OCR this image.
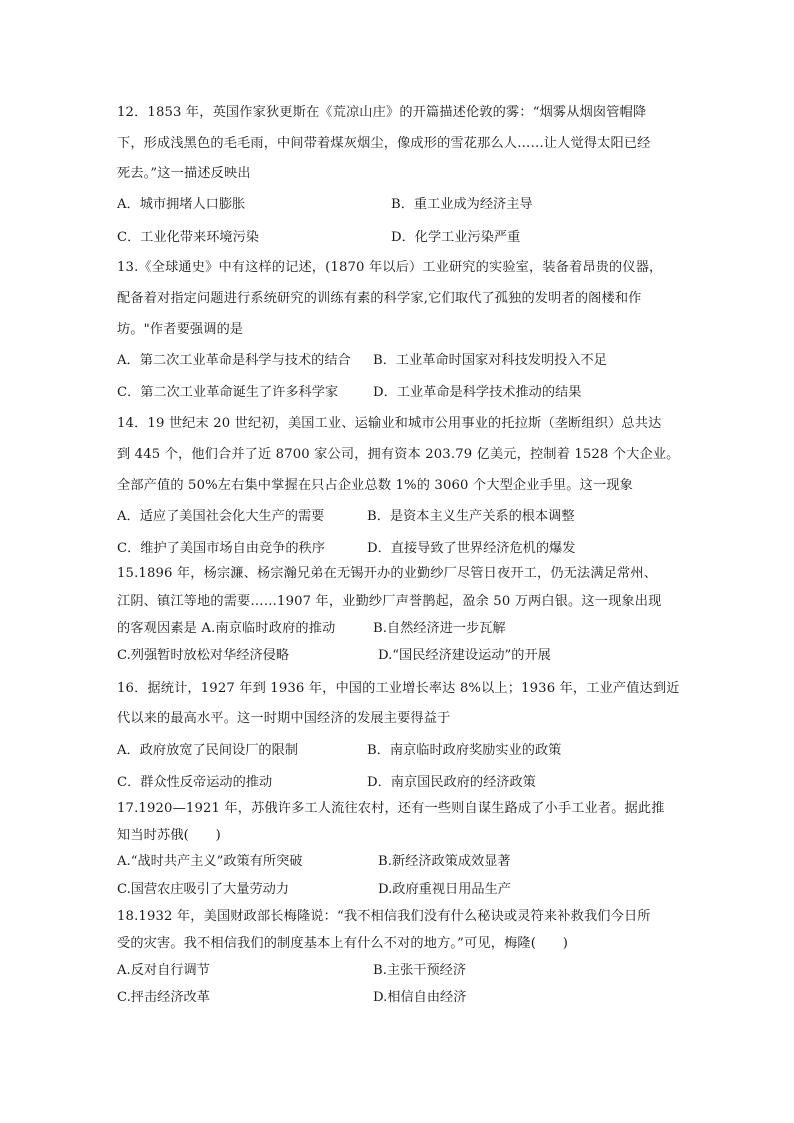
12．1853 年，英国作家狄更斯在《荒凉山庄》的开篇描述伦敦的雾：“烟雾从烟囱管帽降
下，形成浅黑色的毛毛雨，中间带着煤灰烟尘，像成形的雪花那么人……让人觉得太阳已经
死去。”这一描述反映出
A．城市拥堵人口膨胀	B．重工业成为经济主导
C．工业化带来环境污染	D．化学工业污染严重
13.《全球通史》中有这样的记述，(1870 年以后）工业研究的实验室，装备着昂贵的仪器，
配备着对指定问题进行系统研究的训练有素的科学家,它们取代了孤独的发明者的阁楼和作
坊。"作者要强调的是
A．第二次工业革命是科学与技术的结合 B．工业革命时国家对科技发明投入不足
C．第二次工业革命诞生了许多科学家	D．工业革命是科学技术推动的结果
14．19 世纪末 20 世纪初，美国工业、运输业和城市公用事业的托拉斯（垄断组织）总共达
到 445 个，他们合并了近 8700 家公司，拥有资本 203.79 亿美元，控制着 1528 个大企业。
全部产值的 50%左右集中掌握在只占企业总数 1%的 3060 个大型企业手里。这一现象
A．适应了美国社会化大生产的需要	B．是资本主义生产关系的根本调整
C．维护了美国市场自由竞争的秩序	D．直接导致了世界经济危机的爆发
15.1896 年，杨宗濂、杨宗瀚兄弟在无锡开办的业勤纱厂尽管日夜开工，仍无法满足常州、
江阴、镇江等地的需要……1907 年，业勤纱厂声誉鹊起，盈余 50 万两白银。这一现象出现
的客观因素是 A.南京临时政府的推动	B.自然经济进一步瓦解
C.列强暂时放松对华经济侵略	D.“国民经济建设运动”的开展
16．据统计，1927 年到 1936 年，中国的工业增长率达 8%以上；1936 年，工业产值达到近
代以来的最高水平。这一时期中国经济的发展主要得益于
A．政府放宽了民间设厂的限制	B．南京临时政府奖励实业的政策
C．群众性反帝运动的推动	D．南京国民政府的经济政策
17.1920—1921 年，苏俄许多工人流往农村，还有一些则自谋生路成了小手工业者。据此推
知当时苏俄(　　)
A.“战时共产主义”政策有所突破	B.新经济政策成效显著
C.国营农庄吸引了大量劳动力	D.政府重视日用品生产
18.1932 年，美国财政部长梅隆说：“我不相信我们没有什么秘诀或灵符来补救我们今日所
受的灾害。我不相信我们的制度基本上有什么不对的地方。”可见，梅隆(　　)
A.反对自行调节	B.主张干预经济
C.抨击经济改革	D.相信自由经济
